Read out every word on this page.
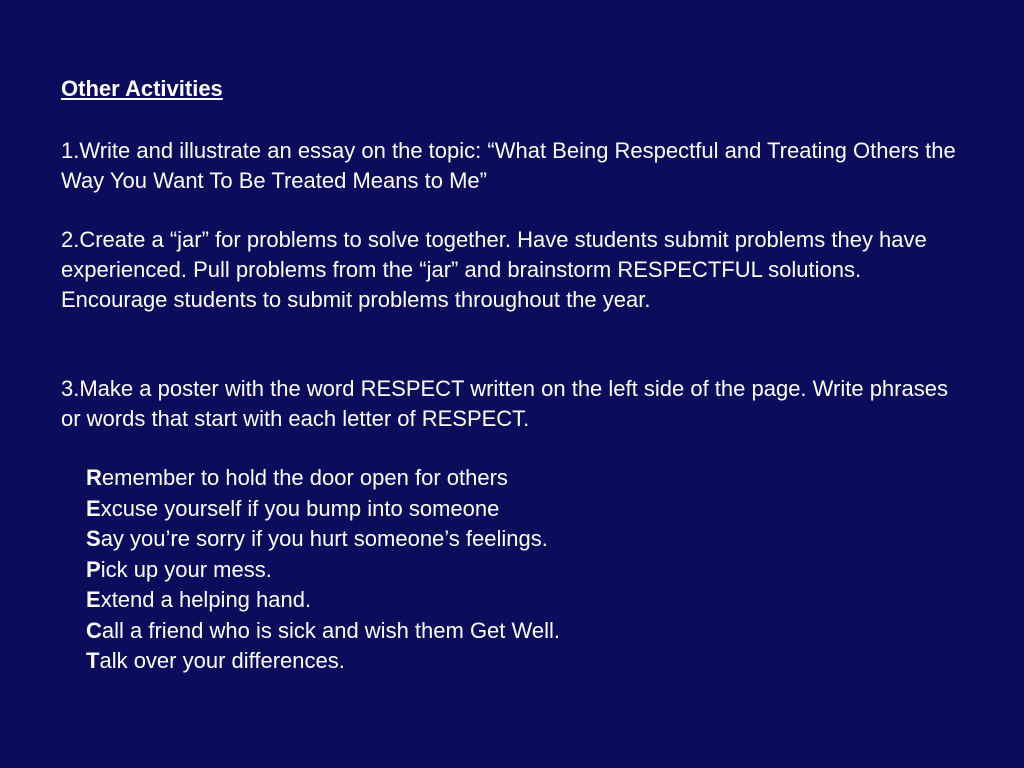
Other Activities

1.Write and illustrate an essay on the topic: “What Being Respectful and Treating Others the Way You Want To Be Treated Means to Me”

2.Create a “jar” for problems to solve together. Have students submit problems they have experienced. Pull problems from the “jar” and brainstorm RESPECTFUL solutions. Encourage students to submit problems throughout the year.

3.Make a poster with the word RESPECT written on the left side of the page. Write phrases or words that start with each letter of RESPECT.

Remember to hold the door open for others
Excuse yourself if you bump into someone
Say you’re sorry if you hurt someone’s feelings.
Pick up your mess.
Extend a helping hand.
Call a friend who is sick and wish them Get Well.
Talk over your differences.
